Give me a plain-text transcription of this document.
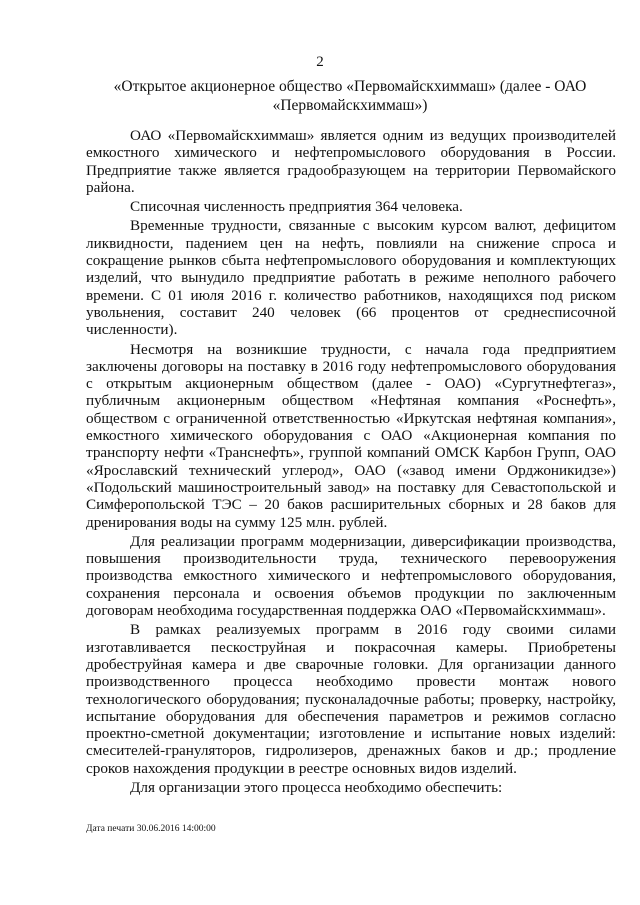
2
«Открытое акционерное общество «Первомайскхиммаш» (далее - ОАО «Первомайскхиммаш»)

ОАО «Первомайскхиммаш» является одним из ведущих производителей емкостного химического и нефтепромыслового оборудования в России. Предприятие также является градообразующем на территории Первомайского района.

Списочная численность предприятия 364 человека.

Временные трудности, связанные с высоким курсом валют, дефицитом ликвидности, падением цен на нефть, повлияли на снижение спроса и сокращение рынков сбыта нефтепромыслового оборудования и комплектующих изделий, что вынудило предприятие работать в режиме неполного рабочего времени. С 01 июля 2016 г. количество работников, находящихся под риском увольнения, составит 240 человек (66 процентов от среднесписочной численности).

Несмотря на возникшие трудности, с начала года предприятием заключены договоры на поставку в 2016 году нефтепромыслового оборудования с открытым акционерным обществом (далее - ОАО) «Сургутнефтегаз», публичным акционерным обществом «Нефтяная компания «Роснефть», обществом с ограниченной ответственностью «Иркутская нефтяная компания», емкостного химического оборудования с ОАО «Акционерная компания по транспорту нефти «Транснефть», группой компаний ОМСК Карбон Групп, ОАО «Ярославский технический углерод», ОАО («завод имени Орджоникидзе») «Подольский машиностроительный завод» на поставку для Севастопольской и Симферопольской ТЭС – 20 баков расширительных сборных и 28 баков для дренирования воды на сумму 125 млн. рублей.

Для реализации программ модернизации, диверсификации производства, повышения производительности труда, технического перевооружения производства емкостного химического и нефтепромыслового оборудования, сохранения персонала и освоения объемов продукции по заключенным договорам необходима государственная поддержка ОАО «Первомайскхиммаш».

В рамках реализуемых программ в 2016 году своими силами изготавливается пескоструйная и покрасочная камеры. Приобретены дробеструйная камера и две сварочные головки. Для организации данного производственного процесса необходимо провести монтаж нового технологического оборудования; пусконаладочные работы; проверку, настройку, испытание оборудования для обеспечения параметров и режимов согласно проектно-сметной документации; изготовление и испытание новых изделий: смесителей-грануляторов, гидролизеров, дренажных баков и др.; продление сроков нахождения продукции в реестре основных видов изделий.

Для организации этого процесса необходимо обеспечить:

Дата печати 30.06.2016 14:00:00
